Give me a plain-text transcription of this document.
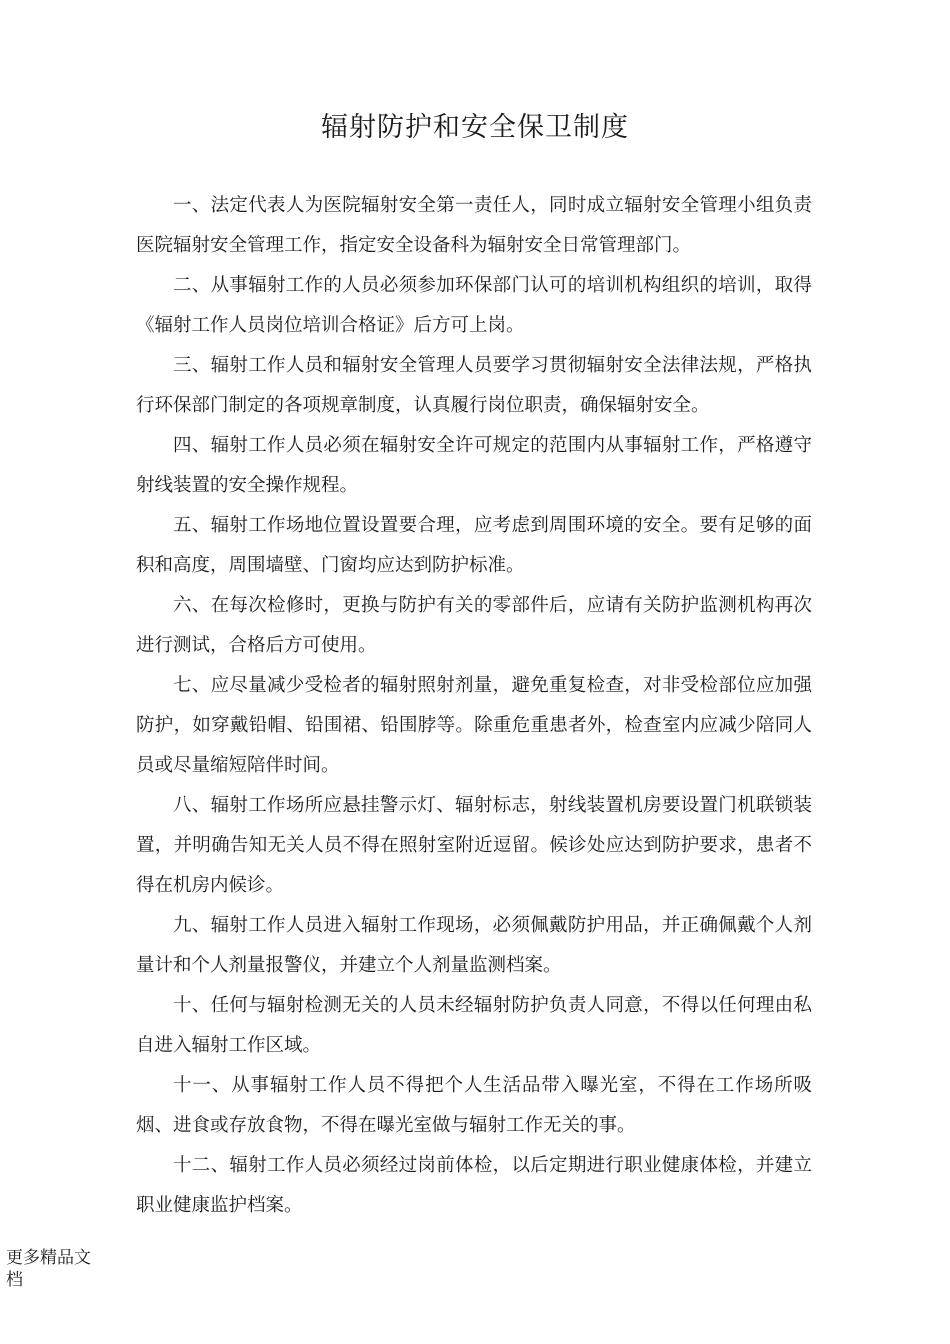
辐射防护和安全保卫制度

一、法定代表人为医院辐射安全第一责任人，同时成立辐射安全管理小组负责医院辐射安全管理工作，指定安全设备科为辐射安全日常管理部门。

二、从事辐射工作的人员必须参加环保部门认可的培训机构组织的培训，取得《辐射工作人员岗位培训合格证》后方可上岗。

三、辐射工作人员和辐射安全管理人员要学习贯彻辐射安全法律法规，严格执行环保部门制定的各项规章制度，认真履行岗位职责，确保辐射安全。

四、辐射工作人员必须在辐射安全许可规定的范围内从事辐射工作，严格遵守射线装置的安全操作规程。

五、辐射工作场地位置设置要合理，应考虑到周围环境的安全。要有足够的面积和高度，周围墙壁、门窗均应达到防护标准。

六、在每次检修时，更换与防护有关的零部件后，应请有关防护监测机构再次进行测试，合格后方可使用。

七、应尽量减少受检者的辐射照射剂量，避免重复检查，对非受检部位应加强防护，如穿戴铅帽、铅围裙、铅围脖等。除重危重患者外，检查室内应减少陪同人员或尽量缩短陪伴时间。

八、辐射工作场所应悬挂警示灯、辐射标志，射线装置机房要设置门机联锁装置，并明确告知无关人员不得在照射室附近逗留。候诊处应达到防护要求，患者不得在机房内候诊。

九、辐射工作人员进入辐射工作现场，必须佩戴防护用品，并正确佩戴个人剂量计和个人剂量报警仪，并建立个人剂量监测档案。

十、任何与辐射检测无关的人员未经辐射防护负责人同意，不得以任何理由私自进入辐射工作区域。

十一、从事辐射工作人员不得把个人生活品带入曝光室，不得在工作场所吸烟、进食或存放食物，不得在曝光室做与辐射工作无关的事。

十二、辐射工作人员必须经过岗前体检，以后定期进行职业健康体检，并建立职业健康监护档案。

更多精品文档
